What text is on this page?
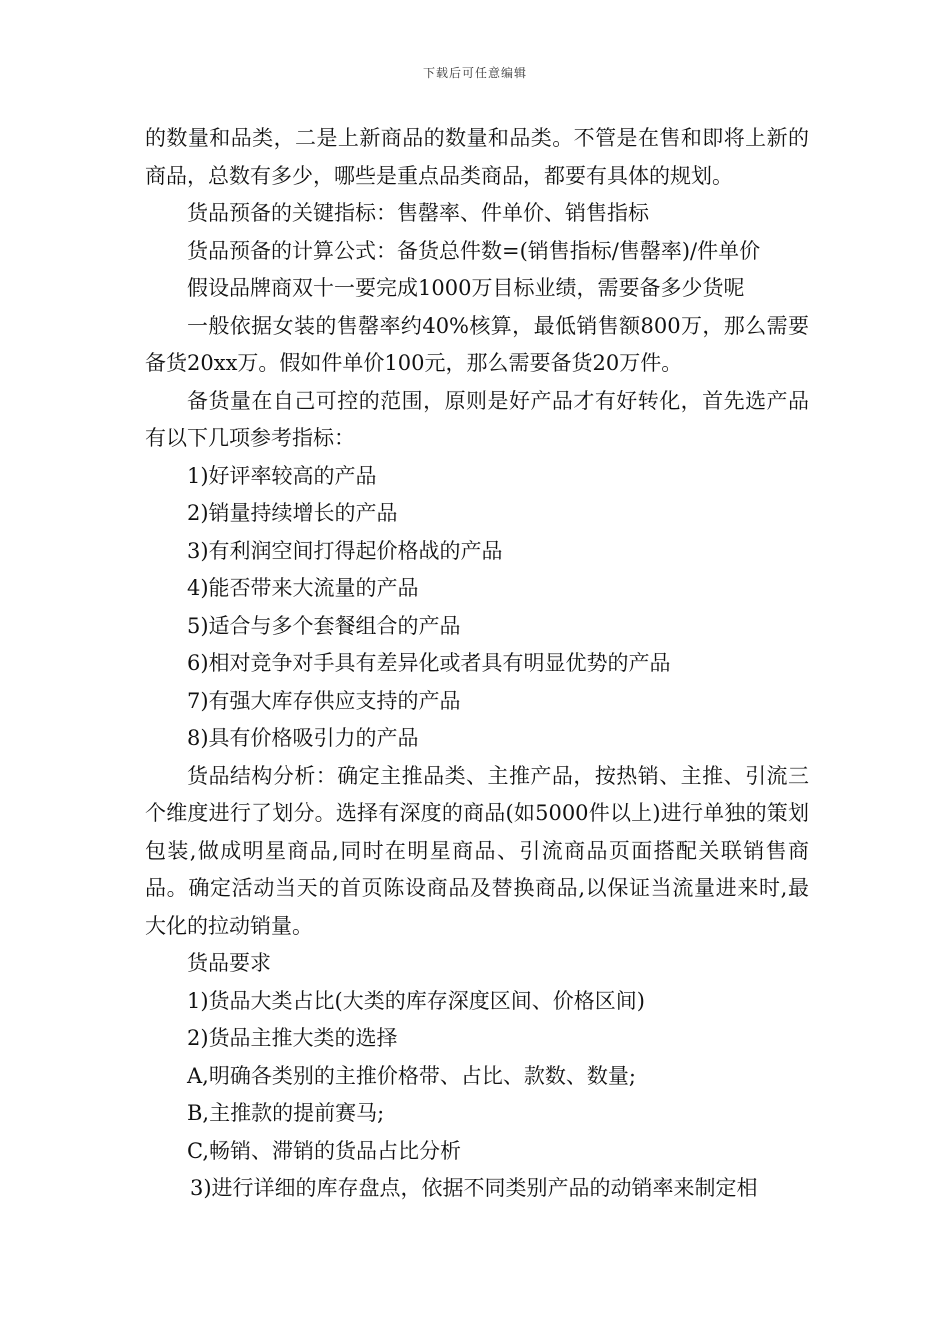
下载后可任意编辑

的数量和品类，二是上新商品的数量和品类。不管是在售和即将上新的商品，总数有多少，哪些是重点品类商品，都要有具体的规划。

货品预备的关键指标：售罄率、件单价、销售指标

货品预备的计算公式：备货总件数=(销售指标/售罄率)/件单价

假设品牌商双十一要完成1000万目标业绩，需要备多少货呢

一般依据女装的售罄率约40%核算，最低销售额800万，那么需要备货20xx万。假如件单价100元，那么需要备货20万件。

备货量在自己可控的范围，原则是好产品才有好转化，首先选产品有以下几项参考指标：

1)好评率较高的产品

2)销量持续增长的产品

3)有利润空间打得起价格战的产品

4)能否带来大流量的产品

5)适合与多个套餐组合的产品

6)相对竞争对手具有差异化或者具有明显优势的产品

7)有强大库存供应支持的产品

8)具有价格吸引力的产品

货品结构分析：确定主推品类、主推产品，按热销、主推、引流三个维度进行了划分。选择有深度的商品(如5000件以上)进行单独的策划包装,做成明星商品,同时在明星商品、引流商品页面搭配关联销售商品。确定活动当天的首页陈设商品及替换商品,以保证当流量进来时,最大化的拉动销量。

货品要求

1)货品大类占比(大类的库存深度区间、价格区间)

2)货品主推大类的选择

A,明确各类别的主推价格带、占比、款数、数量;

B,主推款的提前赛马;

C,畅销、滞销的货品占比分析

3)进行详细的库存盘点，依据不同类别产品的动销率来制定相
